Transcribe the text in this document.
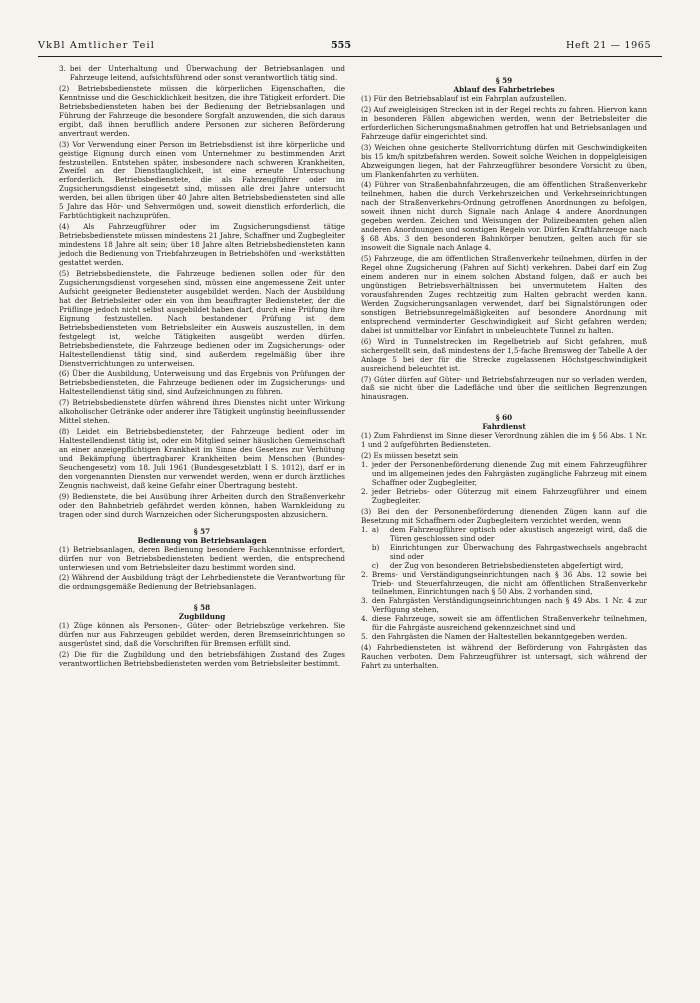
VkBl Amtlicher Teil	555	Heft 21 — 1965
3. bei der Unterhaltung und Überwachung der Betriebsanlagen und Fahrzeuge leitend, aufsichtsführend oder sonst verantwortlich tätig sind.

(2) Betriebsbedienstete müssen die körperlichen Eigenschaften, die Kenntnisse und die Geschicklichkeit besitzen, die ihre Tätigkeit erfordert. Die Betriebsbediensteten haben bei der Bedienung der Betriebsanlagen und Führung der Fahrzeuge die besondere Sorgfalt anzuwenden, die sich daraus ergibt, daß ihnen berufllich andere Personen zur sicheren Beförderung anvertraut werden.

(3) Vor Verwendung einer Person im Betriebsdienst ist ihre körperliche und geistige Eignung durch einen vom Unternehmer zu bestimmenden Arzt festzustellen. Entstehen später, insbesondere nach schweren Krankheiten, Zweifel an der Diensttauglichkeit, ist eine erneute Untersuchung erforderlich. Betriebsbedienstete, die als Fahrzeugführer oder im Zugsicherungsdienst eingesetzt sind, müssen alle drei Jahre untersucht werden, bei allen übrigen über 40 Jahre alten Betriebsbediensteten sind alle 5 Jahre das Hör- und Sehvermögen und, soweit dienstlich erforderlich, die Farbtüchtigkeit nachzuprüfen.

(4) Als Fahrzeugführer oder im Zugsicherungsdienst tätige Betriebsbedienstete müssen mindestens 21 Jahre, Schaffner und Zugbegleiter mindestens 18 Jahre alt sein; über 18 Jahre alten Betriebsbediensteten kann jedoch die Bedienung von Triebfahrzeugen in Betriebshöfen und -werkstätten gestattet werden.

(5) Betriebsbedienstete, die Fahrzeuge bedienen sollen oder für den Zugsicherungsdienst vorgesehen sind, müssen eine angemessene Zeit unter Aufsicht geeigneter Bediensteter ausgebildet werden. Nach der Ausbildung hat der Betriebsleiter oder ein von ihm beauftragter Bediensteter, der die Prüflinge jedoch nicht selbst ausgebildet haben darf, durch eine Prüfung ihre Eignung festzustellen. Nach bestandener Prüfung ist dem Betriebsbediensteten vom Betriebsleiter ein Ausweis auszustellen, in dem festgelegt ist, welche Tätigkeiten ausgeübt werden dürfen. Betriebsbedienstete, die Fahrzeuge bedienen oder im Zugsicherungs- oder Haltestellendienst tätig sind, sind außerdem regelmäßig über ihre Dienstverrichtungen zu unterweisen.

(6) Über die Ausbildung, Unterweisung und das Ergebnis von Prüfungen der Betriebsbediensteten, die Fahrzeuge bedienen oder im Zugsicherungs- und Haltestellendienst tätig sind, sind Aufzeichnungen zu führen.

(7) Betriebsbedienstete dürfen während ihres Dienstes nicht unter Wirkung alkoholischer Getränke oder anderer ihre Tätigkeit ungünstig beeinflussender Mittel stehen.

(8) Leidet ein Betriebsbediensteter, der Fahrzeuge bedient oder im Haltestellendienst tätig ist, oder ein Mitglied seiner häuslichen Gemeinschaft an einer anzeigepflichtigen Krankheit im Sinne des Gesetzes zur Verhütung und Bekämpfung übertragbarer Krankheiten beim Menschen (Bundes-Seuchengesetz) vom 18. Juli 1961 (Bundesgesetzblatt I S. 1012), darf er in den vorgenannten Diensten nur verwendet werden, wenn er durch ärztliches Zeugnis nachweist, daß keine Gefahr einer Übertragung besteht.

(9) Bedienstete, die bei Ausübung ihrer Arbeiten durch den Straßenverkehr oder den Bahnbetrieb gefährdet werden können, haben Warnkleidung zu tragen oder sind durch Warnzeichen oder Sicherungsposten abzusichern.

§ 57
Bedienung von Betriebsanlagen

(1) Betriebsanlagen, deren Bedienung besondere Fachkenntnisse erfordert, dürfen nur von Betriebsbediensteten bedient werden, die entsprechend unterwiesen und vom Betriebsleiter dazu bestimmt worden sind.

(2) Während der Ausbildung trägt der Lehrbedienstete die Verantwortung für die ordnungsgemäße Bedienung der Betriebsanlagen.

§ 58
Zugbildung

(1) Züge können als Personen-, Güter- oder Betriebszüge verkehren. Sie dürfen nur aus Fahrzeugen gebildet werden, deren Bremseinrichtungen so ausgerüstet sind, daß die Vorschriften für Bremsen erfüllt sind.

(2) Die für die Zugbildung und den betriebsfähigen Zustand des Zuges verantwortlichen Betriebsbediensteten werden vom Betriebsleiter bestimmt.

§ 59
Ablauf des Fahrbetriebes

(1) Für den Betriebsablauf ist ein Fahrplan aufzustellen.

(2) Auf zweigleisigen Strecken ist in der Regel rechts zu fahren. Hiervon kann in besonderen Fällen abgewichen werden, wenn der Betriebsleiter die erforderlichen Sicherungsmaßnahmen getroffen hat und Betriebsanlagen und Fahrzeuge dafür eingerichtet sind.

(3) Weichen ohne gesicherte Stellvorrichtung dürfen mit Geschwindigkeiten bis 15 km/h spitzbefahren werden. Soweit solche Weichen in doppelgleisigen Abzweigungen liegen, hat der Fahrzeugführer besondere Vorsicht zu üben, um Flankenfahrten zu verhüten.

(4) Führer von Straßenbahnfahrzeugen, die am öffentlichen Straßenverkehr teilnehmen, haben die durch Verkehrszeichen und Verkehrseinrichtungen nach der Straßenverkehrs-Ordnung getroffenen Anordnungen zu befolgen, soweit ihnen nicht durch Signale nach Anlage 4 andere Anordnungen gegeben werden. Zeichen und Weisungen der Polizeibeamten gehen allen anderen Anordnungen und sonstigen Regeln vor. Dürfen Kraftfahrzeuge nach § 68 Abs. 3 den besonderen Bahnkörper benutzen, gelten auch für sie insoweit die Signale nach Anlage 4.

(5) Fahrzeuge, die am öffentlichen Straßenverkehr teilnehmen, dürfen in der Regel ohne Zugsicherung (Fahren auf Sicht) verkehren. Dabei darf ein Zug einem anderen nur in einem solchen Abstand folgen, daß er auch bei ungünstigen Betriebsverhältnissen bei unvermutetem Halten des vorausfahrenden Zuges rechtzeitig zum Halten gebracht werden kann. Werden Zugsicherungsanlagen verwendet, darf bei Signalstörungen oder sonstigen Betriebsunregelmäßigkeiten auf besondere Anordnung mit entsprechend verminderter Geschwindigkeit auf Sicht gefahren werden; dabei ist unmittelbar vor Einfahrt in unbeleuchtete Tunnel zu halten.

(6) Wird in Tunnelstrecken im Regelbetrieb auf Sicht gefahren, muß sichergestellt sein, daß mindestens der 1,5-fache Bremsweg der Tabelle A der Anlage 5 bei der für die Strecke zugelassenen Höchstgeschwindigkeit ausreichend beleuchtet ist.

(7) Güter dürfen auf Güter- und Betriebsfahrzeugen nur so verladen werden, daß sie nicht über die Ladefläche und über die seitlichen Begrenzungen hinausragen.

§ 60
Fahrdienst

(1) Zum Fahrdienst im Sinne dieser Verordnung zählen die im § 56 Abs. 1 Nr. 1 und 2 aufgeführten Bediensteten.

(2) Es müssen besetzt sein

1. jeder der Personenbeförderung dienende Zug mit einem Fahrzeugführer und im allgemeinen jedes den Fahrgästen zugängliche Fahrzeug mit einem Schaffner oder Zugbegleiter,
2. jeder Betriebs- oder Güterzug mit einem Fahrzeugführer und einem Zugbegleiter.

(3) Bei den der Personenbeförderung dienenden Zügen kann auf die Besetzung mit Schaffnern oder Zugbegleitern verzichtet werden, wenn

1. a)	dem Fahrzeugführer optisch oder akustisch angezeigt wird, daß die Türen geschlossen sind oder
b)	Einrichtungen zur Überwachung des Fahrgastwechsels angebracht sind oder
c)	der Zug von besonderen Betriebsbediensteten abgefertigt wird,
2. Brems- und Verständigungseinrichtungen nach § 36 Abs. 12 sowie bei Trieb- und Steuerfahrzeugen, die nicht am öffentlichen Straßenverkehr teilnehmen, Einrichtungen nach § 50 Abs. 2 vorhanden sind,
3. den Fahrgästen Verständigungseinrichtungen nach § 49 Abs. 1 Nr. 4 zur Verfügung stehen,
4. diese Fahrzeuge, soweit sie am öffentlichen Straßenverkehr teilnehmen, für die Fahrgäste ausreichend gekennzeichnet sind und
5. den Fahrgästen die Namen der Haltestellen bekanntgegeben werden.

(4) Fahrbediensteten ist während der Beförderung von Fahrgästen das Rauchen verboten. Dem Fahrzeugführer ist untersagt, sich während der Fahrt zu unterhalten.
